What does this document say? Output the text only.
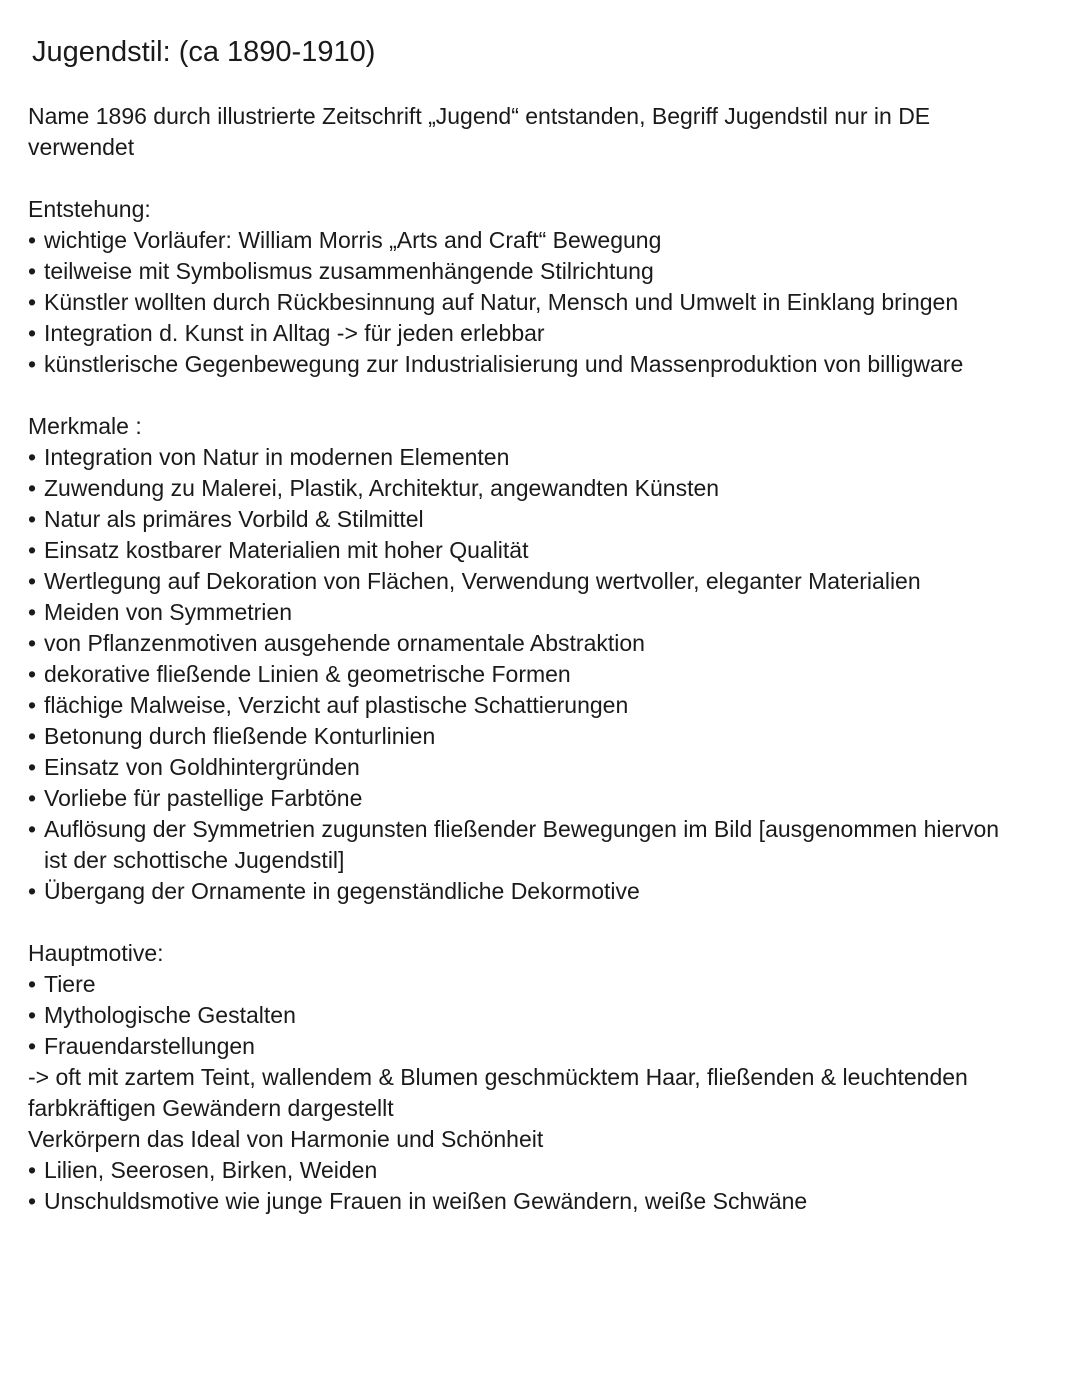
Jugendstil: (ca 1890-1910)

Name 1896 durch illustrierte Zeitschrift „Jugend“ entstanden, Begriff Jugendstil nur in DE verwendet

Entstehung:
• wichtige Vorläufer: William Morris „Arts and Craft“ Bewegung
• teilweise mit Symbolismus zusammenhängende Stilrichtung
• Künstler wollten durch Rückbesinnung auf Natur, Mensch und Umwelt in Einklang bringen
• Integration d. Kunst in Alltag -> für jeden erlebbar
• künstlerische Gegenbewegung zur Industrialisierung und Massenproduktion von billigware
Merkmale :
• Integration von Natur in modernen Elementen
• Zuwendung zu Malerei, Plastik, Architektur, angewandten Künsten
• Natur als primäres Vorbild & Stilmittel
• Einsatz kostbarer Materialien mit hoher Qualität
• Wertlegung auf Dekoration von Flächen, Verwendung wertvoller, eleganter Materialien
• Meiden von Symmetrien
• von Pflanzenmotiven ausgehende ornamentale Abstraktion
• dekorative fließende Linien & geometrische Formen
• flächige Malweise, Verzicht auf plastische Schattierungen
• Betonung durch fließende Konturlinien
• Einsatz von Goldhintergründen
• Vorliebe für pastellige Farbtöne
• Auflösung der Symmetrien zugunsten fließender Bewegungen im Bild [ausgenommen hiervon ist der schottische Jugendstil]
• Übergang der Ornamente in gegenständliche Dekormotive
Hauptmotive:
• Tiere
• Mythologische Gestalten
• Frauendarstellungen

-> oft mit zartem Teint, wallendem & Blumen geschmücktem Haar, fließenden & leuchtenden farbkräftigen Gewändern dargestellt

Verkörpern das Ideal von Harmonie und Schönheit

• Lilien, Seerosen, Birken, Weiden
• Unschuldsmotive wie junge Frauen in weißen Gewändern, weiße Schwäne
